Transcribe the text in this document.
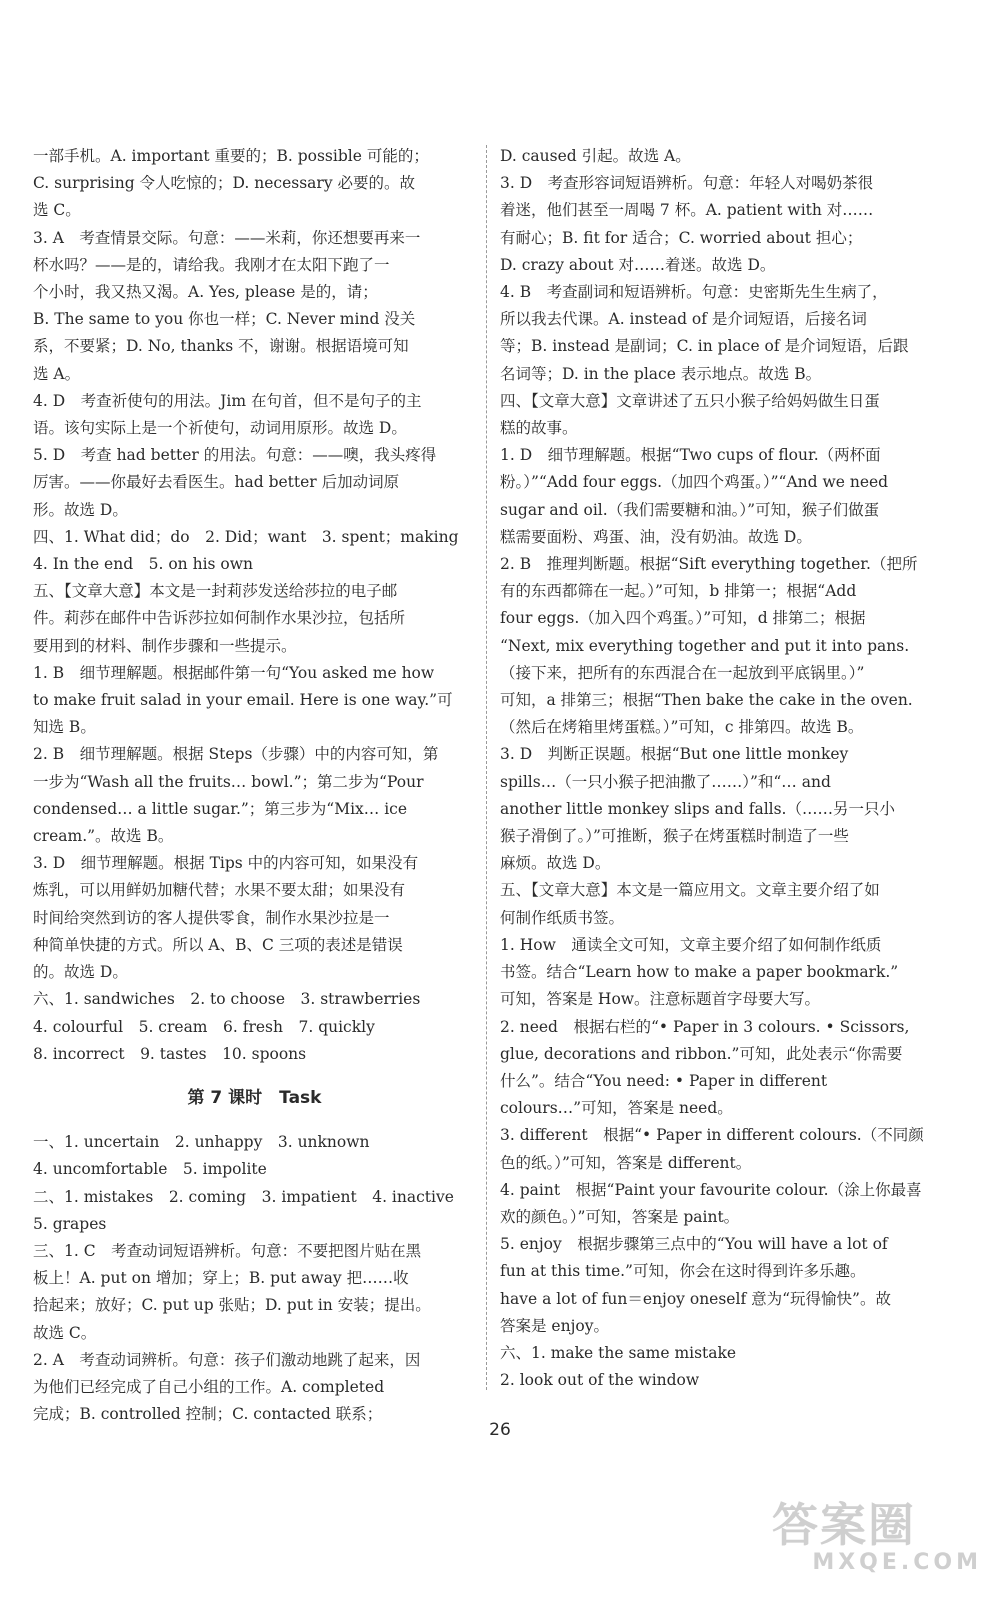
一部手机。A. important 重要的；B. possible 可能的；

C. surprising 令人吃惊的；D. necessary 必要的。故

选 C。

3. A　考查情景交际。句意：——米莉，你还想要再来一

杯水吗？——是的，请给我。我刚才在太阳下跑了一

个小时，我又热又渴。A. Yes, please 是的，请；

B. The same to you 你也一样；C. Never mind 没关

系，不要紧；D. No, thanks 不，谢谢。根据语境可知

选 A。

4. D　考查祈使句的用法。Jim 在句首，但不是句子的主

语。该句实际上是一个祈使句，动词用原形。故选 D。

5. D　考查 had better 的用法。句意：——噢，我头疼得

厉害。——你最好去看医生。had better 后加动词原

形。故选 D。

四、1. What did；do　2. Did；want　3. spent；making

4. In the end　5. on his own

五、【文章大意】本文是一封莉莎发送给莎拉的电子邮

件。莉莎在邮件中告诉莎拉如何制作水果沙拉，包括所

要用到的材料、制作步骤和一些提示。

1. B　细节理解题。根据邮件第一句“You asked me how

to make fruit salad in your email. Here is one way.”可

知选 B。

2. B　细节理解题。根据 Steps（步骤）中的内容可知，第

一步为“Wash all the fruits… bowl.”；第二步为“Pour

condensed… a little sugar.”；第三步为“Mix… ice

cream.”。故选 B。

3. D　细节理解题。根据 Tips 中的内容可知，如果没有

炼乳，可以用鲜奶加糖代替；水果不要太甜；如果没有

时间给突然到访的客人提供零食，制作水果沙拉是一

种简单快捷的方式。所以 A、B、C 三项的表述是错误

的。故选 D。

六、1. sandwiches　2. to choose　3. strawberries

4. colourful　5. cream　6. fresh　7. quickly

8. incorrect　9. tastes　10. spoons

第 7 课时　Task

一、1. uncertain　2. unhappy　3. unknown

4. uncomfortable　5. impolite

二、1. mistakes　2. coming　3. impatient　4. inactive

5. grapes

三、1. C　考查动词短语辨析。句意：不要把图片贴在黑

板上！A. put on 增加；穿上；B. put away 把……收

拾起来；放好；C. put up 张贴；D. put in 安装；提出。

故选 C。

2. A　考查动词辨析。句意：孩子们激动地跳了起来，因

为他们已经完成了自己小组的工作。A. completed

完成；B. controlled 控制；C. contacted 联系；

D. caused 引起。故选 A。

3. D　考查形容词短语辨析。句意：年轻人对喝奶茶很

着迷，他们甚至一周喝 7 杯。A. patient with 对……

有耐心；B. fit for 适合；C. worried about 担心；

D. crazy about 对……着迷。故选 D。

4. B　考查副词和短语辨析。句意：史密斯先生生病了，

所以我去代课。A. instead of 是介词短语，后接名词

等；B. instead 是副词；C. in place of 是介词短语，后跟

名词等；D. in the place 表示地点。故选 B。

四、【文章大意】文章讲述了五只小猴子给妈妈做生日蛋

糕的故事。

1. D　细节理解题。根据“Two cups of flour.（两杯面

粉。）”“Add four eggs.（加四个鸡蛋。）”“And we need

sugar and oil.（我们需要糖和油。）”可知，猴子们做蛋

糕需要面粉、鸡蛋、油，没有奶油。故选 D。

2. B　推理判断题。根据“Sift everything together.（把所

有的东西都筛在一起。）”可知，b 排第一；根据“Add

four eggs.（加入四个鸡蛋。）”可知，d 排第二；根据

“Next, mix everything together and put it into pans.

（接下来，把所有的东西混合在一起放到平底锅里。）”

可知，a 排第三；根据“Then bake the cake in the oven.

（然后在烤箱里烤蛋糕。）”可知，c 排第四。故选 B。

3. D　判断正误题。根据“But one little monkey

spills…（一只小猴子把油撒了……）”和“… and

another little monkey slips and falls.（……另一只小

猴子滑倒了。）”可推断，猴子在烤蛋糕时制造了一些

麻烦。故选 D。

五、【文章大意】本文是一篇应用文。文章主要介绍了如

何制作纸质书签。

1. How　通读全文可知，文章主要介绍了如何制作纸质

书签。结合“Learn how to make a paper bookmark.”

可知，答案是 How。注意标题首字母要大写。

2. need　根据右栏的“• Paper in 3 colours. • Scissors,

glue, decorations and ribbon.”可知，此处表示“你需要

什么”。结合“You need: • Paper in different

colours…”可知，答案是 need。

3. different　根据“• Paper in different colours.（不同颜

色的纸。）”可知，答案是 different。

4. paint　根据“Paint your favourite colour.（涂上你最喜

欢的颜色。）”可知，答案是 paint。

5. enjoy　根据步骤第三点中的“You will have a lot of

fun at this time.”可知，你会在这时得到许多乐趣。

have a lot of fun＝enjoy oneself 意为“玩得愉快”。故

答案是 enjoy。

六、1. make the same mistake

2. look out of the window

26
答案圈
MXQE.COM
